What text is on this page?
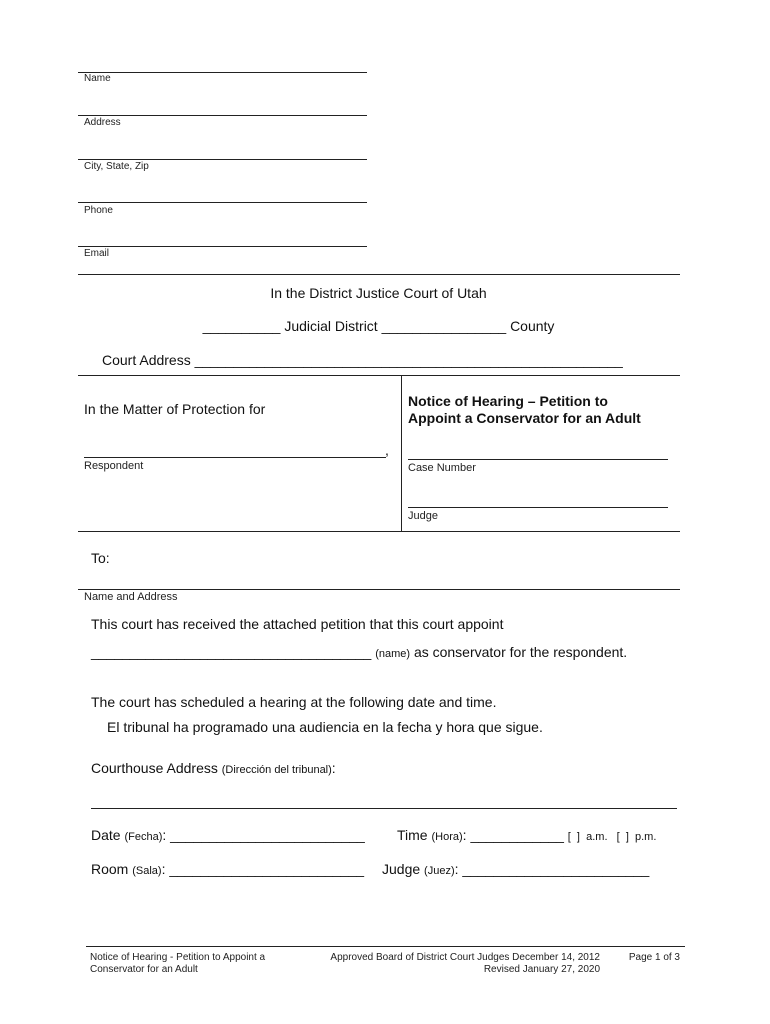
Name
Address
City, State, Zip
Phone
Email
In the District Justice Court of Utah
__________ Judicial District ________________ County
Court Address _______________________________________________________
In the Matter of Protection for
,
Respondent
Notice of Hearing – Petition to
Appoint a Conservator for an Adult
Case Number
Judge
To:
Name and Address
This court has received the attached petition that this court appoint
____________________________________ (name) as conservator for the respondent.
The court has scheduled a hearing at the following date and time.
El tribunal ha programado una audiencia en la fecha y hora que sigue.
Courthouse Address (Dirección del tribunal):
Date (Fecha): _________________________ Time (Hora): ____________ [  ]  a.m.   [  ]  p.m.
Room (Sala): _________________________ Judge (Juez): ________________________
Notice of Hearing - Petition to Appoint a
Conservator for an Adult
Approved Board of District Court Judges December 14, 2012
Revised January 27, 2020
Page 1 of 3
